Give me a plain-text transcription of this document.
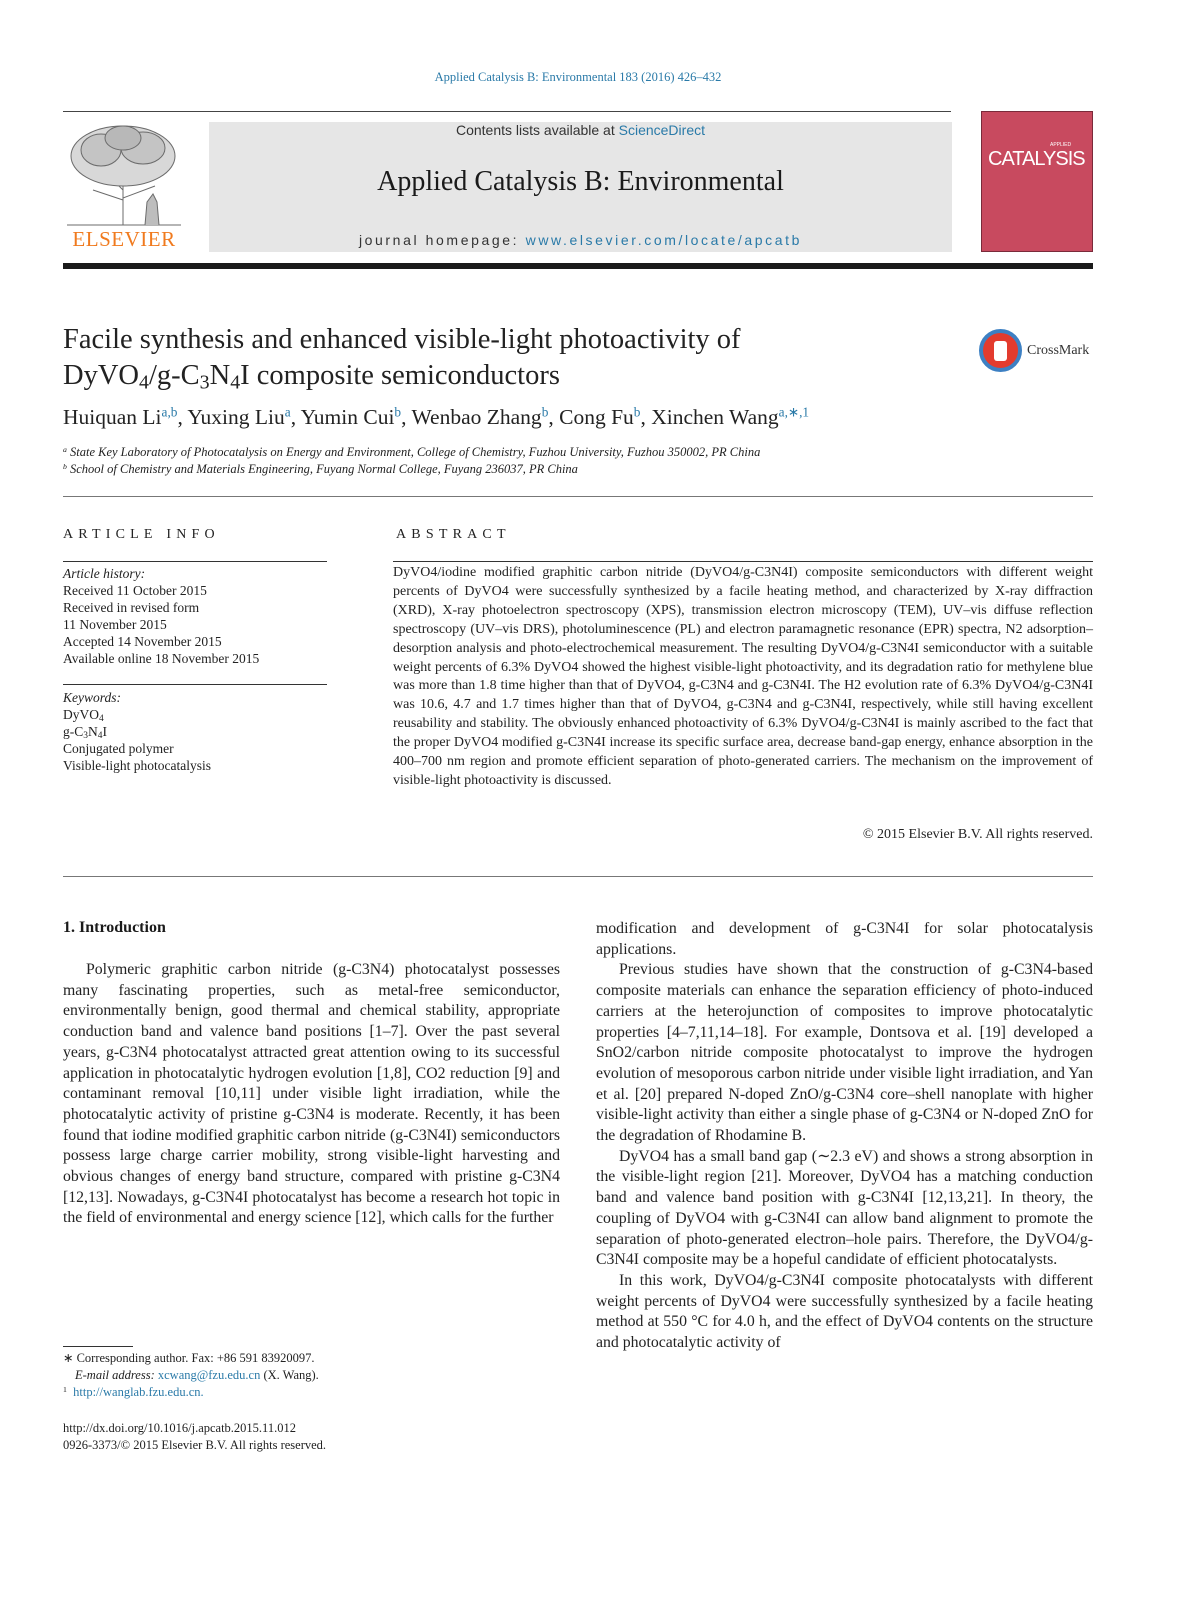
Applied Catalysis B: Environmental 183 (2016) 426–432
ELSEVIER
Contents lists available at ScienceDirect
Applied Catalysis B: Environmental
journal homepage: www.elsevier.com/locate/apcatb
APPLIED
CATALYSIS
Facile synthesis and enhanced visible-light photoactivity of
$DyVO_4/g-C_3N_4I$ composite semiconductors
CrossMark
Huiquan Li$^{a,b}$, Yuxing Liu$^a$, Yumin Cui$^b$, Wenbao Zhang$^b$, Cong Fu$^b$, Xinchen Wang$^{a,∗,1}$
$^a$ State Key Laboratory of Photocatalysis on Energy and Environment, College of Chemistry, Fuzhou University, Fuzhou 350002, PR China
$^b$ School of Chemistry and Materials Engineering, Fuyang Normal College, Fuyang 236037, PR China
ARTICLE INFO
Article history:
Received 11 October 2015
Received in revised form
11 November 2015
Accepted 14 November 2015
Available online 18 November 2015
Keywords:
DyVO$_4$
$g-C_3N_4I$
Conjugated polymer
Visible-light photocatalysis
ABSTRACT
DyVO4/iodine modified graphitic carbon nitride (DyVO4/g-C3N4I) composite semiconductors with different weight percents of DyVO4 were successfully synthesized by a facile heating method, and characterized by X-ray diffraction (XRD), X-ray photoelectron spectroscopy (XPS), transmission electron microscopy (TEM), UV–vis diffuse reflection spectroscopy (UV–vis DRS), photoluminescence (PL) and electron paramagnetic resonance (EPR) spectra, N2 adsorption–desorption analysis and photo-electrochemical measurement. The resulting DyVO4/g-C3N4I semiconductor with a suitable weight percents of 6.3% DyVO4 showed the highest visible-light photoactivity, and its degradation ratio for methylene blue was more than 1.8 time higher than that of DyVO4, g-C3N4 and g-C3N4I. The H2 evolution rate of 6.3% DyVO4/g-C3N4I was 10.6, 4.7 and 1.7 times higher than that of DyVO4, g-C3N4 and g-C3N4I, respectively, while still having excellent reusability and stability. The obviously enhanced photoactivity of 6.3% DyVO4/g-C3N4I is mainly ascribed to the fact that the proper DyVO4 modified g-C3N4I increase its specific surface area, decrease band-gap energy, enhance absorption in the 400–700 nm region and promote efficient separation of photo-generated carriers. The mechanism on the improvement of visible-light photoactivity is discussed.
© 2015 Elsevier B.V. All rights reserved.
1. Introduction

Polymeric graphitic carbon nitride (g-C3N4) photocatalyst possesses many fascinating properties, such as metal-free semiconductor, environmentally benign, good thermal and chemical stability, appropriate conduction band and valence band positions [1–7]. Over the past several years, g-C3N4 photocatalyst attracted great attention owing to its successful application in photocatalytic hydrogen evolution [1,8], CO2 reduction [9] and contaminant removal [10,11] under visible light irradiation, while the photocatalytic activity of pristine g-C3N4 is moderate. Recently, it has been found that iodine modified graphitic carbon nitride (g-C3N4I) semiconductors possess large charge carrier mobility, strong visible-light harvesting and obvious changes of energy band structure, compared with pristine g-C3N4 [12,13]. Nowadays, g-C3N4I photocatalyst has become a research hot topic in the field of environmental and energy science [12], which calls for the further

modification and development of g-C3N4I for solar photocatalysis applications.

Previous studies have shown that the construction of g-C3N4-based composite materials can enhance the separation efficiency of photo-induced carriers at the heterojunction of composites to improve photocatalytic properties [4–7,11,14–18]. For example, Dontsova et al. [19] developed a SnO2/carbon nitride composite photocatalyst to improve the hydrogen evolution of mesoporous carbon nitride under visible light irradiation, and Yan et al. [20] prepared N-doped ZnO/g-C3N4 core–shell nanoplate with higher visible-light activity than either a single phase of g-C3N4 or N-doped ZnO for the degradation of Rhodamine B.

DyVO4 has a small band gap (∼2.3 eV) and shows a strong absorption in the visible-light region [21]. Moreover, DyVO4 has a matching conduction band and valence band position with g-C3N4I [12,13,21]. In theory, the coupling of DyVO4 with g-C3N4I can allow band alignment to promote the separation of photo-generated electron–hole pairs. Therefore, the DyVO4/g-C3N4I composite may be a hopeful candidate of efficient photocatalysts.

In this work, DyVO4/g-C3N4I composite photocatalysts with different weight percents of DyVO4 were successfully synthesized by a facile heating method at 550 °C for 4.0 h, and the effect of DyVO4 contents on the structure and photocatalytic activity of

∗ Corresponding author. Fax: +86 591 83920097.
E-mail address: xcwang@fzu.edu.cn (X. Wang).
$^1$ http://wanglab.fzu.edu.cn.
http://dx.doi.org/10.1016/j.apcatb.2015.11.012
0926-3373/© 2015 Elsevier B.V. All rights reserved.
